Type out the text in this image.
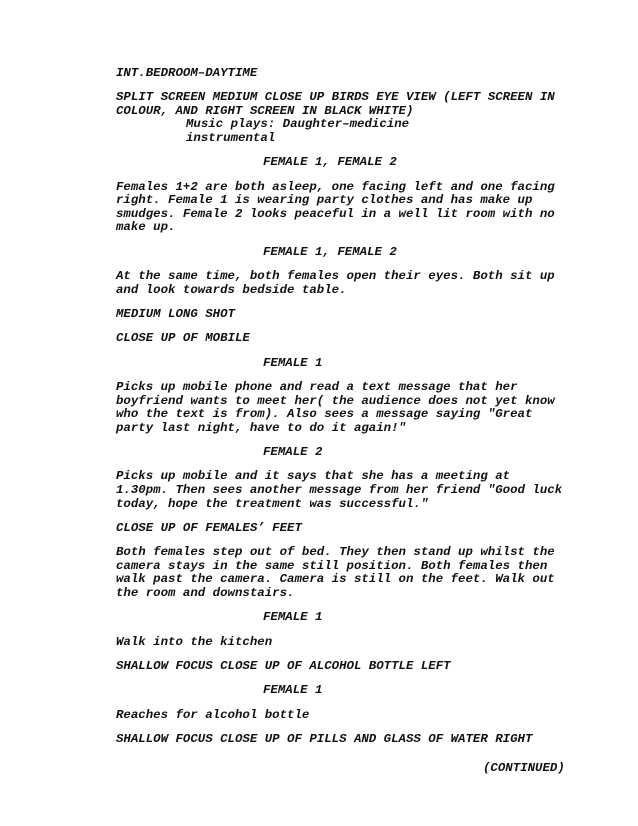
INT.BEDROOM–DAYTIME

SPLIT SCREEN MEDIUM CLOSE UP BIRDS EYE VIEW (LEFT SCREEN IN

COLOUR, AND RIGHT SCREEN IN BLACK WHITE)

Music plays: Daughter–medicine

instrumental

FEMALE 1, FEMALE 2

Females 1+2 are both asleep, one facing left and one facing

right. Female 1 is wearing party clothes and has make up

smudges. Female 2 looks peaceful in a well lit room with no

make up.

FEMALE 1, FEMALE 2

At the same time, both females open their eyes. Both sit up

and look towards bedside table.

MEDIUM LONG SHOT

CLOSE UP OF MOBILE

FEMALE 1

Picks up mobile phone and read a text message that her

boyfriend wants to meet her( the audience does not yet know

who the text is from). Also sees a message saying "Great

party last night, have to do it again!"

FEMALE 2

Picks up mobile and it says that she has a meeting at

1.30pm. Then sees another message from her friend "Good luck

today, hope the treatment was successful."

CLOSE UP OF FEMALES’ FEET

Both females step out of bed. They then stand up whilst the

camera stays in the same still position. Both females then

walk past the camera. Camera is still on the feet. Walk out

the room and downstairs.

FEMALE 1

Walk into the kitchen

SHALLOW FOCUS CLOSE UP OF ALCOHOL BOTTLE LEFT

FEMALE 1

Reaches for alcohol bottle

SHALLOW FOCUS CLOSE UP OF PILLS AND GLASS OF WATER RIGHT

(CONTINUED)
